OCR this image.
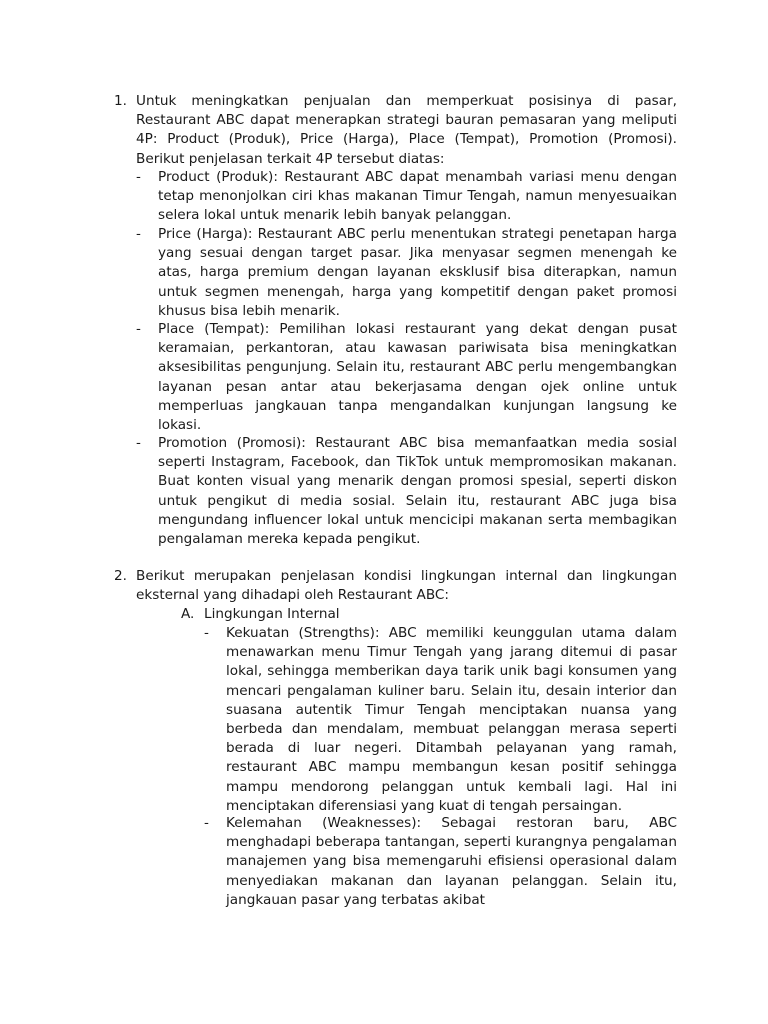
1. Untuk meningkatkan penjualan dan memperkuat posisinya di pasar, Restaurant ABC dapat menerapkan strategi bauran pemasaran yang meliputi 4P: Product (Produk), Price (Harga), Place (Tempat), Promotion (Promosi). Berikut penjelasan terkait 4P tersebut diatas:

- Product (Produk): Restaurant ABC dapat menambah variasi menu dengan tetap menonjolkan ciri khas makanan Timur Tengah, namun menyesuaikan selera lokal untuk menarik lebih banyak pelanggan.

- Price (Harga): Restaurant ABC perlu menentukan strategi penetapan harga yang sesuai dengan target pasar. Jika menyasar segmen menengah ke atas, harga premium dengan layanan eksklusif bisa diterapkan, namun untuk segmen menengah, harga yang kompetitif dengan paket promosi khusus bisa lebih menarik.

- Place (Tempat): Pemilihan lokasi restaurant yang dekat dengan pusat keramaian, perkantoran, atau kawasan pariwisata bisa meningkatkan aksesibilitas pengunjung. Selain itu, restaurant ABC perlu mengembangkan layanan pesan antar atau bekerjasama dengan ojek online untuk memperluas jangkauan tanpa mengandalkan kunjungan langsung ke lokasi.

- Promotion (Promosi): Restaurant ABC bisa memanfaatkan media sosial seperti Instagram, Facebook, dan TikTok untuk mempromosikan makanan. Buat konten visual yang menarik dengan promosi spesial, seperti diskon untuk pengikut di media sosial. Selain itu, restaurant ABC juga bisa mengundang influencer lokal untuk mencicipi makanan serta membagikan pengalaman mereka kepada pengikut.

2. Berikut merupakan penjelasan kondisi lingkungan internal dan lingkungan eksternal yang dihadapi oleh Restaurant ABC:

A. Lingkungan Internal
- Kekuatan (Strengths): ABC memiliki keunggulan utama dalam menawarkan menu Timur Tengah yang jarang ditemui di pasar lokal, sehingga memberikan daya tarik unik bagi konsumen yang mencari pengalaman kuliner baru. Selain itu, desain interior dan suasana autentik Timur Tengah menciptakan nuansa yang berbeda dan mendalam, membuat pelanggan merasa seperti berada di luar negeri. Ditambah pelayanan yang ramah, restaurant ABC mampu membangun kesan positif sehingga mampu mendorong pelanggan untuk kembali lagi. Hal ini menciptakan diferensiasi yang kuat di tengah persaingan.

- Kelemahan (Weaknesses): Sebagai restoran baru, ABC menghadapi beberapa tantangan, seperti kurangnya pengalaman manajemen yang bisa memengaruhi efisiensi operasional dalam menyediakan makanan dan layanan pelanggan. Selain itu, jangkauan pasar yang terbatas akibat
